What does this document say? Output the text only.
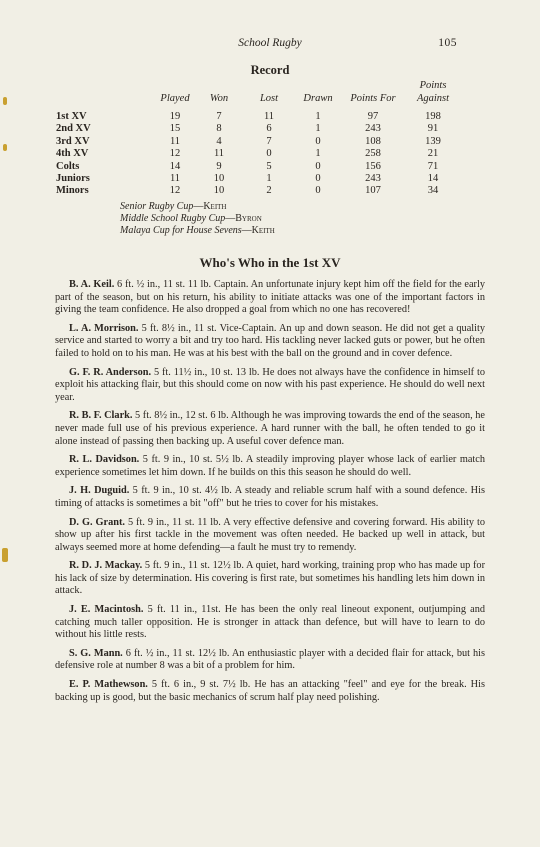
School Rugby	105
Record
Points
Played	Won	Lost	Drawn	Points For	Against
1st XV	19	7	11	1	97	198
2nd XV	15	8	6	1	243	91
3rd XV	11	4	7	0	108	139
4th XV	12	11	0	1	258	21
Colts	14	9	5	0	156	71
Juniors	11	10	1	0	243	14
Minors	12	10	2	0	107	34
Senior Rugby Cup—Keith
Middle School Rugby Cup—Byron
Malaya Cup for House Sevens—Keith
Who's Who in the 1st XV

B. A. Keil. 6 ft. ½ in., 11 st. 11 lb. Captain. An unfortunate injury kept him off the field for the early part of the season, but on his return, his ability to initiate attacks was one of the important factors in giving the team confidence. He also dropped a goal from which no one has recovered!

L. A. Morrison. 5 ft. 8½ in., 11 st. Vice-Captain. An up and down season. He did not get a quality service and started to worry a bit and try too hard. His tackling never lacked guts or power, but he often failed to hold on to his man. He was at his best with the ball on the ground and in cover defence.

G. F. R. Anderson. 5 ft. 11½ in., 10 st. 13 lb. He does not always have the confidence in himself to exploit his attacking flair, but this should come on now with his past experience. He should do well next year.

R. B. F. Clark. 5 ft. 8½ in., 12 st. 6 lb. Although he was improving towards the end of the season, he never made full use of his previous experience. A hard runner with the ball, he often tended to go it alone instead of passing then backing up. A useful cover defence man.

R. L. Davidson. 5 ft. 9 in., 10 st. 5½ lb. A steadily improving player whose lack of earlier match experience sometimes let him down. If he builds on this this season he should do well.

J. H. Duguid. 5 ft. 9 in., 10 st. 4½ lb. A steady and reliable scrum half with a sound defence. His timing of attacks is sometimes a bit "off" but he tries to cover for his mistakes.

D. G. Grant. 5 ft. 9 in., 11 st. 11 lb. A very effective defensive and covering forward. His ability to show up after his first tackle in the movement was often needed. He backed up well in attack, but always seemed more at home defending—a fault he must try to remendy.

R. D. J. Mackay. 5 ft. 9 in., 11 st. 12½ lb. A quiet, hard working, training prop who has made up for his lack of size by determination. His covering is first rate, but sometimes his handling lets him down in attack.

J. E. Macintosh. 5 ft. 11 in., 11st. He has been the only real lineout exponent, outjumping and catching much taller opposition. He is stronger in attack than defence, but will have to learn to do without his little rests.

S. G. Mann. 6 ft. ½ in., 11 st. 12½ lb. An enthusiastic player with a decided flair for attack, but his defensive role at number 8 was a bit of a problem for him.

E. P. Mathewson. 5 ft. 6 in., 9 st. 7½ lb. He has an attacking "feel" and eye for the break. His backing up is good, but the basic mechanics of scrum half play need polishing.
